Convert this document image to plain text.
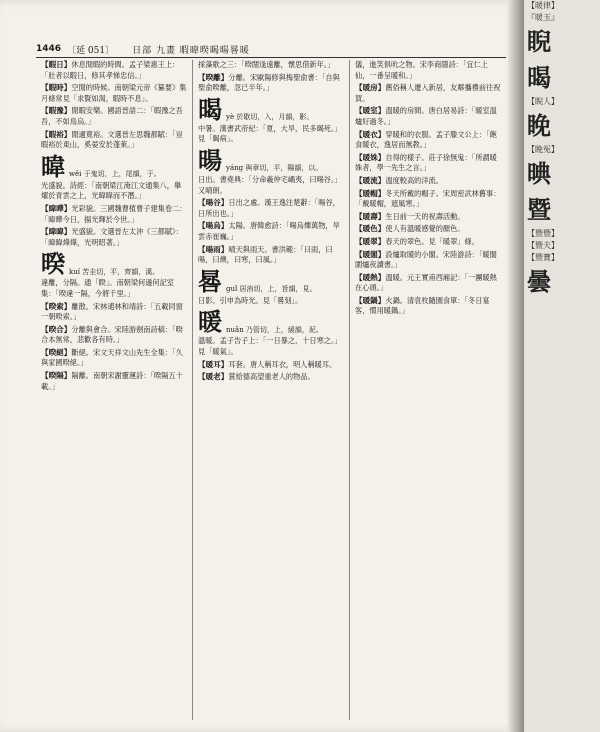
1446 〔延 051〕 日部 九畫 暇暐暌暍暘晷暖
【暇日】休息閒暇的時間。孟子梁惠王上：「壯者以暇日，修其孝悌忠信。」
【暇時】空閒的時候。南朝梁元帝《纂要》集月條常見「求賢如渴，暇時不息」。
【暇豫】閒暇安樂。國語晉語二：「暇豫之吾吾，不如鳥烏。」
【暇裕】閒適寬裕。文選晉左思魏都賦：「豈暇裕於東山，奚晏安於蓬萊。」
暐 wěi 于鬼切，上，尾韻，于。
光盛貌。詩經：「南朝梁江淹江文通集八，舉燿於青雲之上，光暐暐而不潛。」
【暐曄】光彩貌。三國魏曹植曹子建集卷二：「暐曄今日，揚光輝於今世。」
【暐暐】光盛貌。文選晉左太沖《三都賦》：「暐暐燁燁，光明昭著。」
暌 kuí 苦圭切，平，齊韻，溪。
違離，分隔。通「睽」。南朝梁何遜何記室集：「暌違一隔，今將千里。」
【暌索】離散。宋林逋林和靖詩：「五載同窗一朝暌索。」
【暌合】分離與會合。宋陸游劍南詩稿：「暌合本無常，悲歡各有時。」
【暌絕】斷絕。宋文天祥文山先生全集：「久與家國暌絕。」
【暌隔】隔離。南朝宋謝靈運詩：「暌隔五十載。」
採藻歌之三：「暌闊逢遠離，懷思借新年。」
【暌離】分離。宋歐陽修與梅聖俞書：「自與聖俞暌離，忽已半年。」
暍 yè 於歇切，入，月韻，影。
中暑。漢書武帝紀：「夏，大旱，民多暍死。」見「暍病」。
暘 yáng 與章切，平，陽韻，以。
日出。書堯典：「分命羲仲宅嵎夷，曰暘谷。」又晴朗。
【暘谷】日出之處。漢王逸注楚辭：「暘谷，日所出也。」
【暘烏】太陽。唐韓愈詩：「暘烏爍萬物，旱雲赤崔巍。」
【暘雨】晴天與雨天。書洪範：「曰雨，曰暘，曰燠，曰寒，曰風。」
晷 guǐ 居洧切，上，旨韻，見。
日影。引申為時光。見「晷刻」。
暖 nuǎn 乃管切，上，緩韻，泥。
溫暖。孟子告子上：「一日暴之，十日寒之。」見「暖氣」。
【暖耳】耳套。唐人稱耳衣，明人稱暖耳。
【暖老】賞給德高望重老人的物品。
儀，進笑俱吮之物。宋李商隱詩：「宜仁上仙，一番呈暖和。」
【暖房】舊俗稱人遷入新居，友鄰攜禮前往祝賀。
【暖室】溫暖的房間。唐白居易詩：「暖室温爐好過冬。」
【暖衣】穿暖和的衣服。孟子滕文公上：「飽食暖衣，逸居而無教。」
【暖姝】自得的樣子。莊子徐無鬼：「所謂暖姝者，學一先生之言。」
【暖流】溫度較高的洋流。
【暖帽】冬天所戴的帽子。宋周密武林舊事：「戴暖帽，遮風寒。」
【暖壽】生日前一天的祝壽活動。
【暖色】使人有溫暖感覺的顏色。
【暖翠】春天的翠色。見「暖翠」條。
【暖閣】設爐取暖的小閣。宋陸游詩：「暖閣圍爐夜讀書。」
【暖熱】溫暖。元王實甫西廂記：「一團暖熱在心頭。」
【暖鍋】火鍋。清袁枚隨園食單：「冬日宴客，慣用暖鍋。」
【暖律】
『暖玉』
睨
暍
【睨人】
睌
【睌冤】
晪
暨
【暨暨】
【暨夫】
【暨寶】
曇
